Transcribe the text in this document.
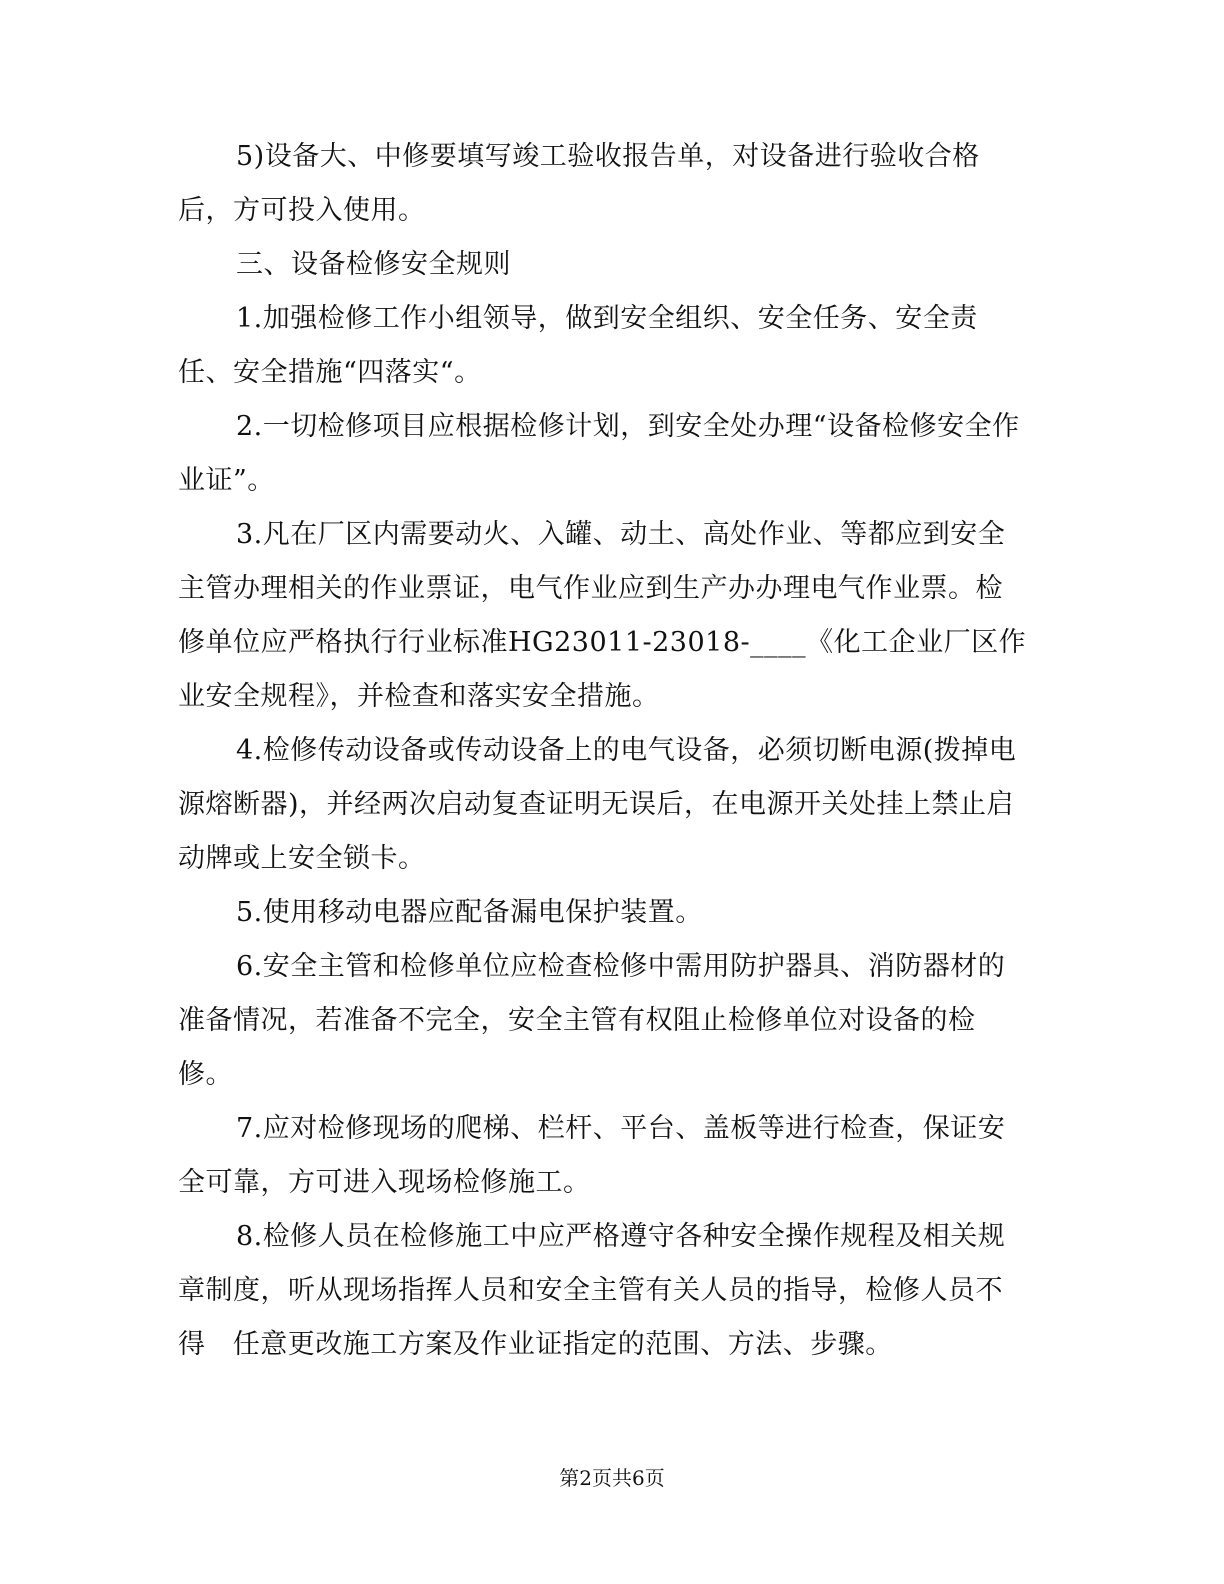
5)设备大、中修要填写竣工验收报告单，对设备进行验收合格后，方可投入使用。

三、设备检修安全规则

1.加强检修工作小组领导，做到安全组织、安全任务、安全责任、安全措施“四落实“。

2.一切检修项目应根据检修计划，到安全处办理“设备检修安全作业证”。

3.凡在厂区内需要动火、入罐、动土、高处作业、等都应到安全主管办理相关的作业票证，电气作业应到生产办办理电气作业票。检修单位应严格执行行业标准HG23011-23018-____《化工企业厂区作业安全规程》，并检查和落实安全措施。

4.检修传动设备或传动设备上的电气设备，必须切断电源(拨掉电源熔断器)，并经两次启动复查证明无误后，在电源开关处挂上禁止启动牌或上安全锁卡。

5.使用移动电器应配备漏电保护装置。

6.安全主管和检修单位应检查检修中需用防护器具、消防器材的准备情况，若准备不完全，安全主管有权阻止检修单位对设备的检修。

7.应对检修现场的爬梯、栏杆、平台、盖板等进行检查，保证安全可靠，方可进入现场检修施工。

8.检修人员在检修施工中应严格遵守各种安全操作规程及相关规章制度，听从现场指挥人员和安全主管有关人员的指导，检修人员不得   任意更改施工方案及作业证指定的范围、方法、步骤。

第2页共6页
